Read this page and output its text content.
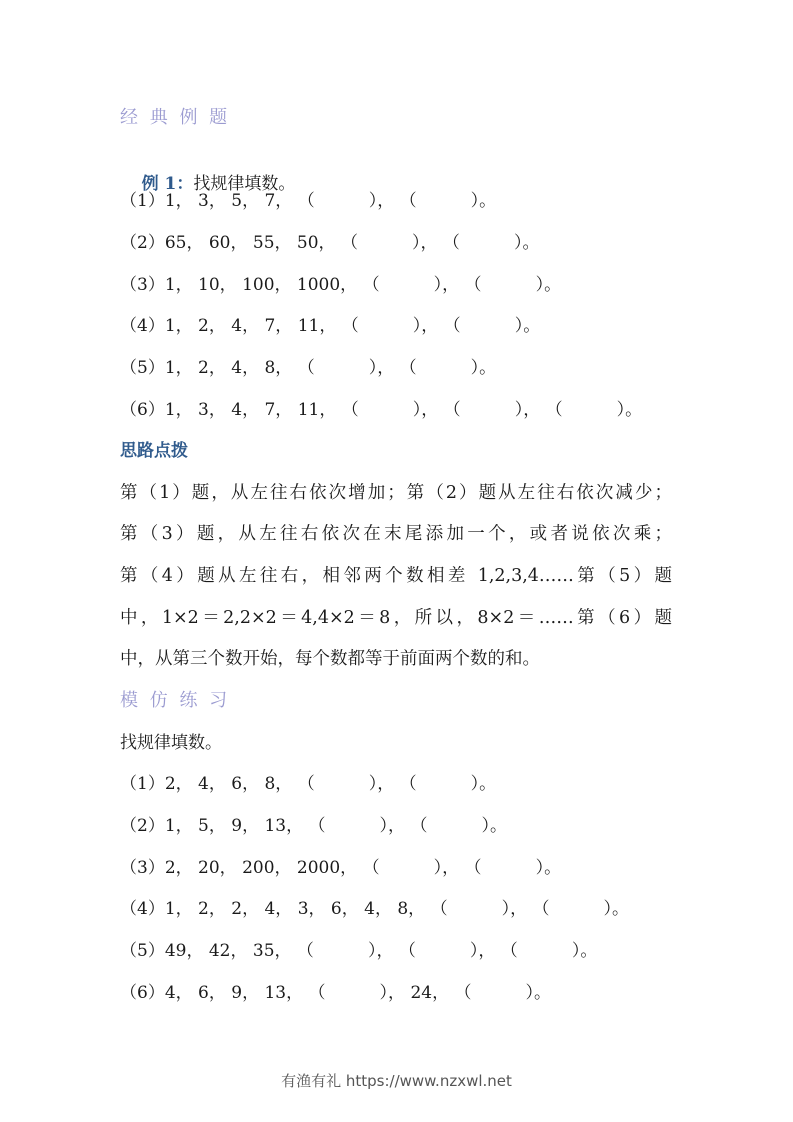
经 典 例 题

例 1：找规律填数。

（1）1， 3， 5， 7， （          ）， （          ）。
（2）65， 60， 55， 50， （          ）， （          ）。
（3）1， 10， 100， 1000， （          ）， （          ）。
（4）1， 2， 4， 7， 11， （          ）， （          ）。
（5）1， 2， 4， 8， （          ）， （          ）。
（6）1， 3， 4， 7， 11， （          ）， （          ）， （          ）。
思路点拨
第（1）题，从左往右依次增加；第（2）题从左往右依次减少；
第（3）题，从左往右依次在末尾添加一个，或者说依次乘；
第（4）题从左往右，相邻两个数相差 1,2,3,4……第（5）题
中，1×2＝2,2×2＝4,4×2＝8，所以，8×2＝……第（6）题
中，从第三个数开始，每个数都等于前面两个数的和。
模 仿 练 习
找规律填数。
（1）2， 4， 6， 8， （          ）， （          ）。
（2）1， 5， 9， 13， （          ）， （          ）。
（3）2， 20， 200， 2000， （          ）， （          ）。
（4）1， 2， 2， 4， 3， 6， 4， 8， （          ）， （          ）。
（5）49， 42， 35， （          ）， （          ）， （          ）。
（6）4， 6， 9， 13， （          ）， 24， （          ）。
有渔有礼 https://www.nzxwl.net
